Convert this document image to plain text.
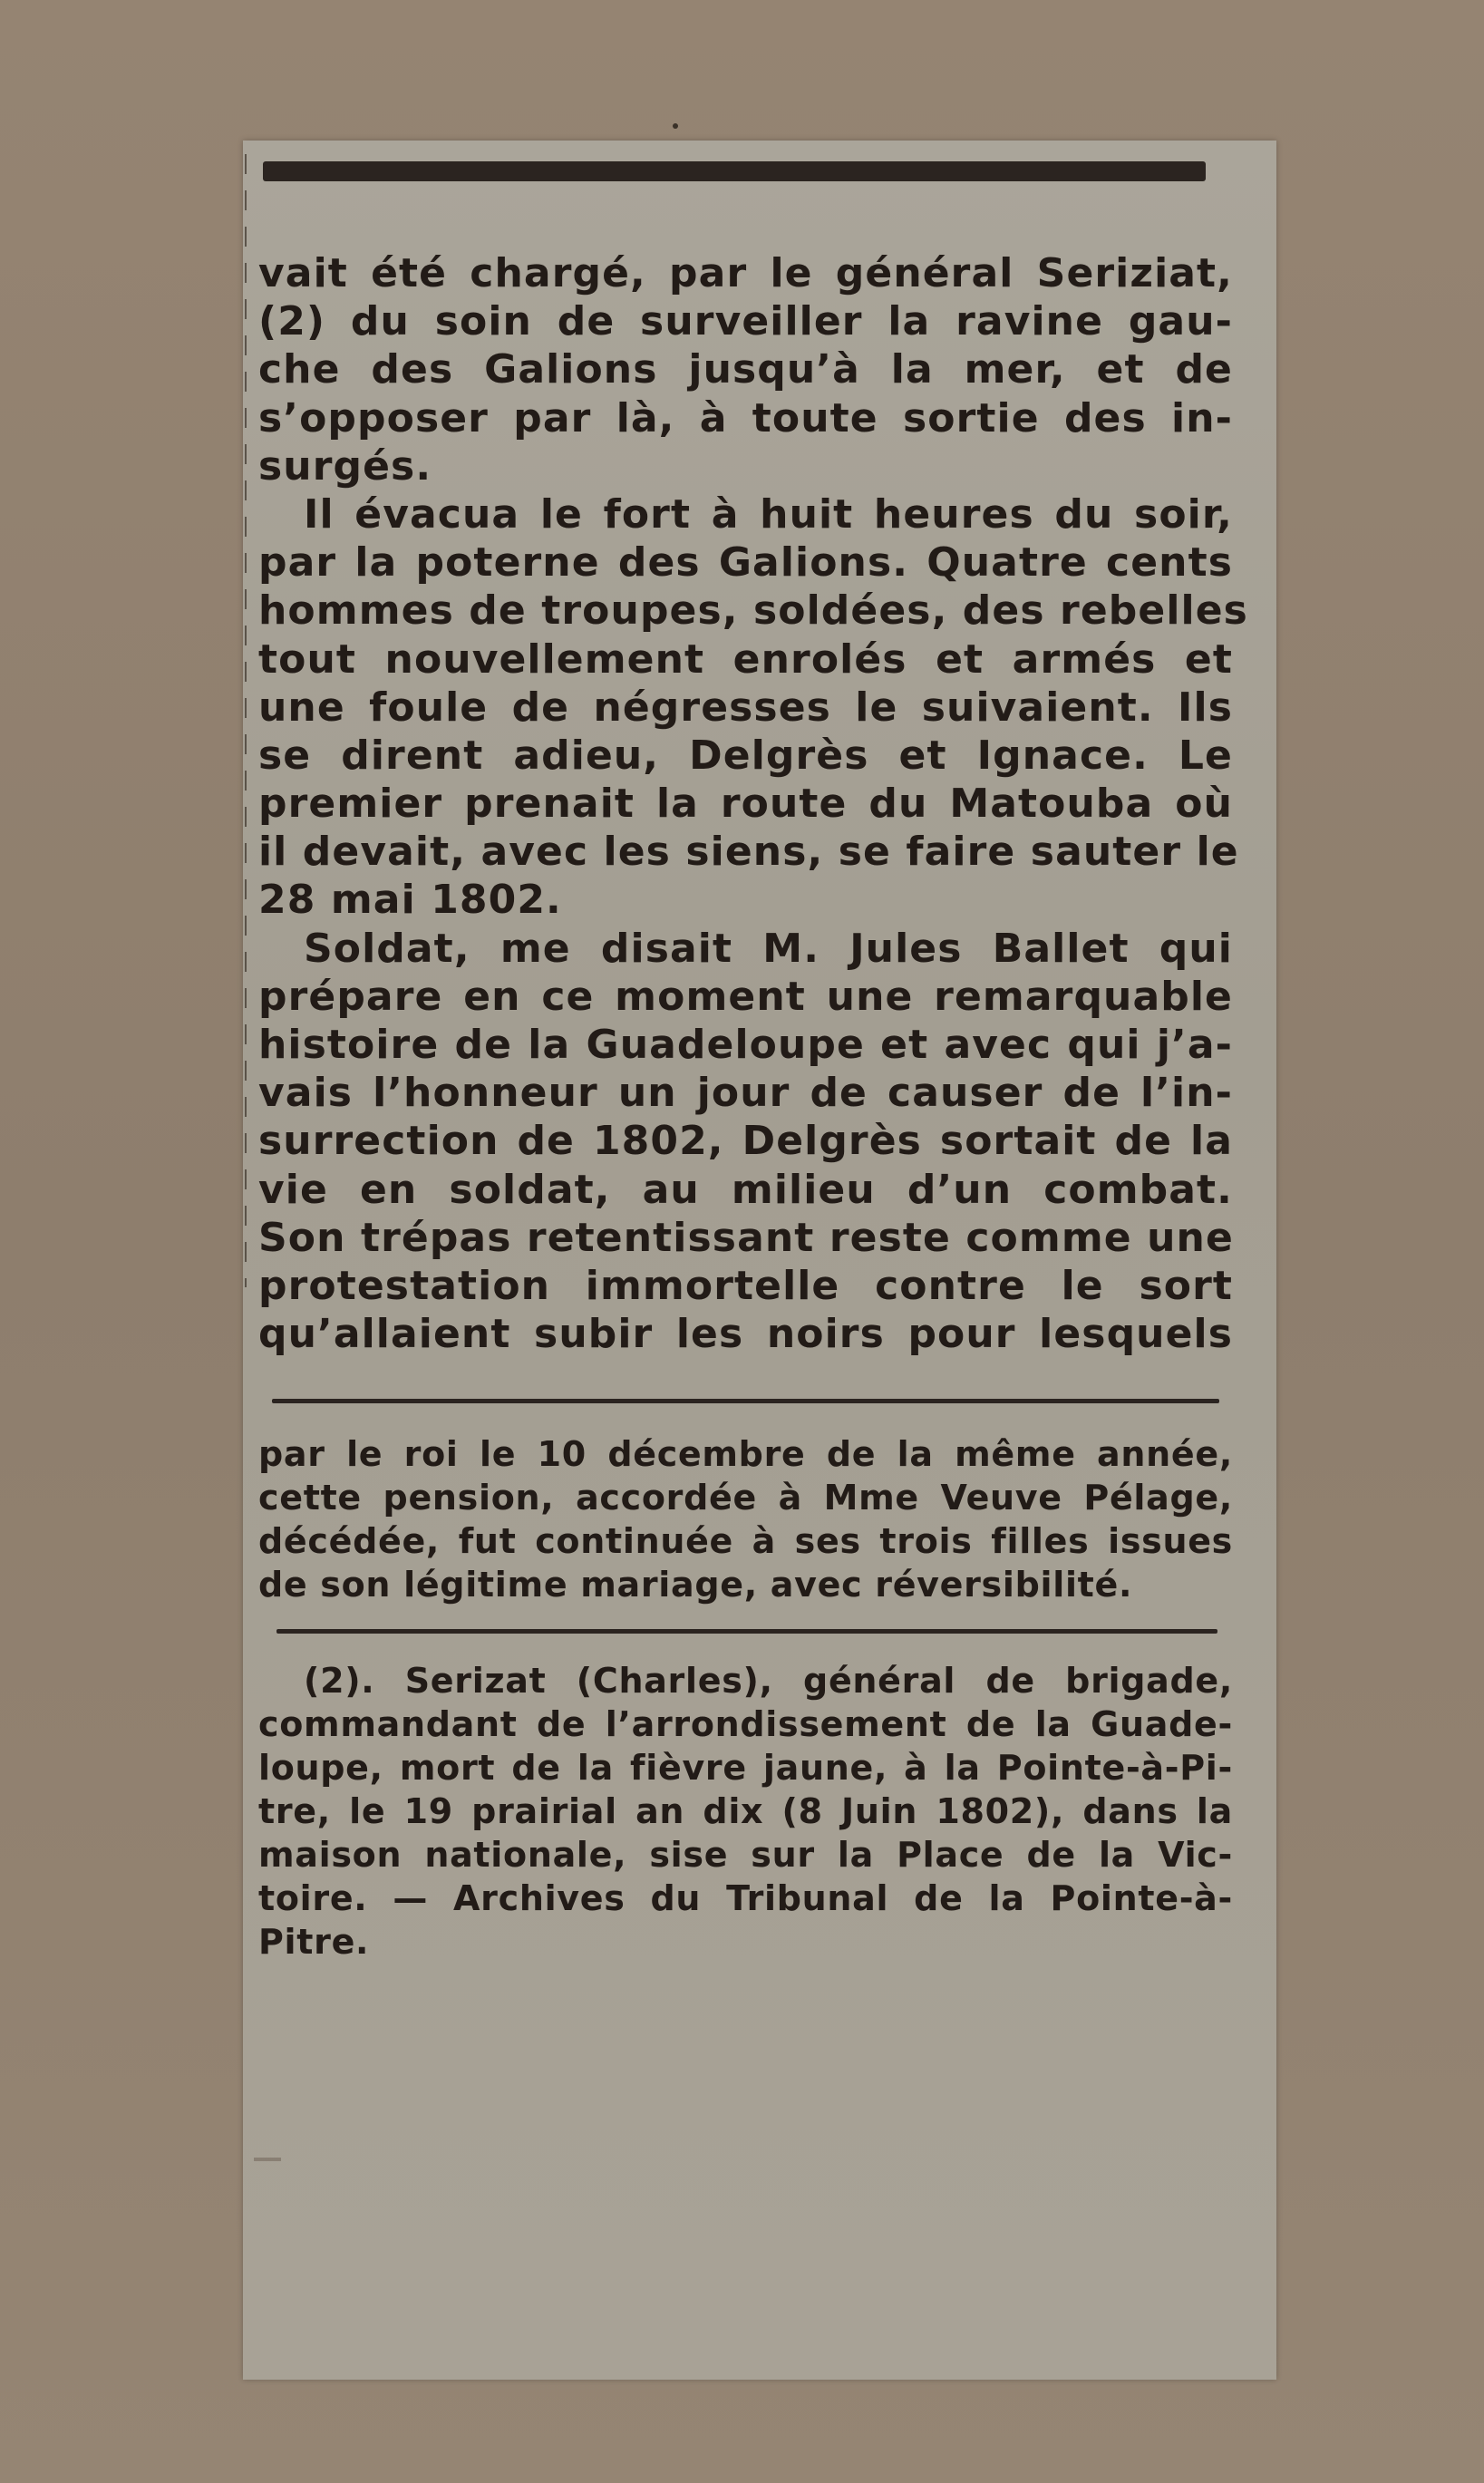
vait été chargé, par le général Seriziat,
(2) du soin de surveiller la ravine gau-
che des Galions jusqu’à la mer, et de
s’opposer par là, à toute sortie des in-
surgés.
Il évacua le fort à huit heures du soir,
par la poterne des Galions. Quatre cents
hommes de troupes, soldées, des rebelles
tout nouvellement enrolés et armés et
une foule de négresses le suivaient. Ils
se dirent adieu, Delgrès et Ignace. Le
premier prenait la route du Matouba où
il devait, avec les siens, se faire sauter le
28 mai 1802.
Soldat, me disait M. Jules Ballet qui
prépare en ce moment une remarquable
histoire de la Guadeloupe et avec qui j’a-
vais l’honneur un jour de causer de l’in-
surrection de 1802, Delgrès sortait de la
vie en soldat, au milieu d’un combat.
Son trépas retentissant reste comme une
protestation immortelle contre le sort
qu’allaient subir les noirs pour lesquels
par le roi le 10 décembre de la même année,
cette pension, accordée à Mme Veuve Pélage,
décédée, fut continuée à ses trois filles issues
de son légitime mariage, avec réversibilité.
(2). Serizat (Charles), général de brigade,
commandant de l’arrondissement de la Guade-
loupe, mort de la fièvre jaune, à la Pointe-à-Pi-
tre, le 19 prairial an dix (8 Juin 1802), dans la
maison nationale, sise sur la Place de la Vic-
toire. — Archives du Tribunal de la Pointe-à-
Pitre.
